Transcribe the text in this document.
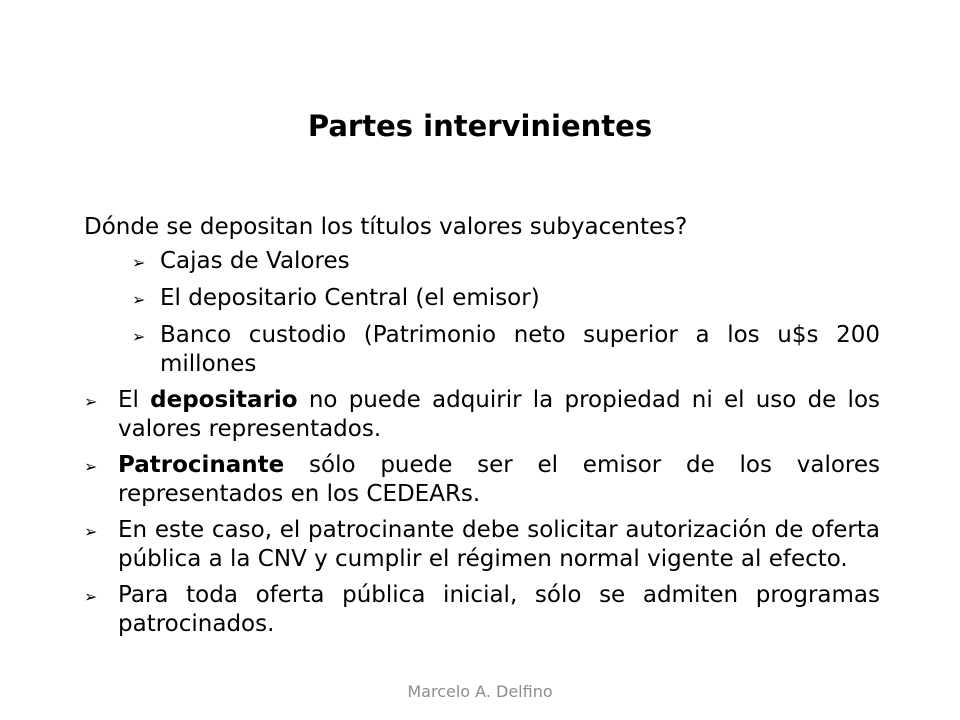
Partes intervinientes
Dónde se depositan los títulos valores subyacentes?
➢ Cajas de Valores
➢ El depositario Central (el emisor)
➢ Banco custodio (Patrimonio neto superior a los u$s 200 millones
➢ El depositario no puede adquirir la propiedad ni el uso de los valores representados.
➢ Patrocinante sólo puede ser el emisor de los valores representados en los CEDEARs.
➢ En este caso, el patrocinante debe solicitar autorización de oferta pública a la CNV y cumplir el régimen normal vigente al efecto.
➢ Para toda oferta pública inicial, sólo se admiten programas patrocinados.
Marcelo A. Delfino
